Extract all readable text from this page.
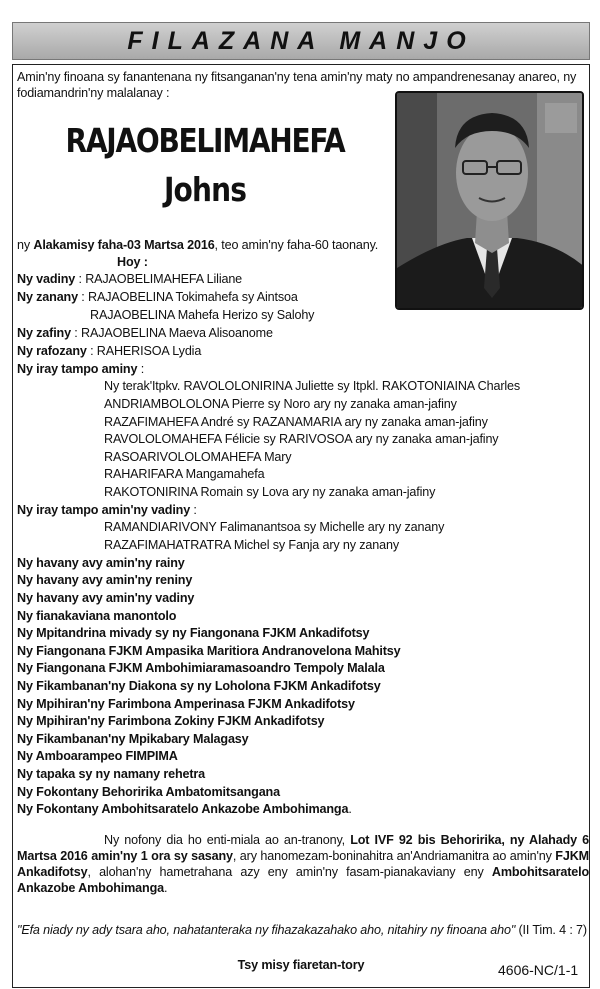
FILAZANA MANJO
Amin'ny finoana sy fanantenana ny fitsanganan'ny tena amin'ny maty no ampandrenesanay anareo, ny fodiamandrin'ny malalanay :
RAJAOBELIMAHEFA
Johns
ny Alakamisy faha-03 Martsa 2016, teo amin'ny faha-60 taonany.
Hoy :
Ny vadiny : RAJAOBELIMAHEFA Liliane
Ny zanany : RAJAOBELINA Tokimahefa sy Aintsoa
RAJAOBELINA Mahefa Herizo sy Salohy
Ny zafiny : RAJAOBELINA Maeva Alisoanome
Ny rafozany : RAHERISOA Lydia
Ny iray tampo aminy :
Ny terak'Itpkv. RAVOLOLONIRINA Juliette sy Itpkl. RAKOTONIAINA Charles
ANDRIAMBOLOLONA Pierre sy Noro ary ny zanaka aman-jafiny
RAZAFIMAHEFA André sy RAZANAMARIA ary ny zanaka aman-jafiny
RAVOLOLOMAHEFA Félicie sy RARIVOSOA ary ny zanaka aman-jafiny
RASOARIVOLOLOMAHEFA Mary
RAHARIFARA Mangamahefa
RAKOTONIRINA Romain sy Lova ary ny zanaka aman-jafiny
Ny iray tampo amin'ny vadiny :
RAMANDIARIVONY Falimanantsoa sy Michelle ary ny zanany
RAZAFIMAHATRATRA Michel sy Fanja ary ny zanany
Ny havany avy amin'ny rainy
Ny havany avy amin'ny reniny
Ny havany avy amin'ny vadiny
Ny fianakaviana manontolo
Ny Mpitandrina mivady sy ny Fiangonana FJKM Ankadifotsy
Ny Fiangonana FJKM Ampasika Maritiora Andranovelona Mahitsy
Ny Fiangonana FJKM Ambohimiaramasoandro Tempoly Malala
Ny Fikambanan'ny Diakona sy ny Loholona FJKM Ankadifotsy
Ny Mpihiran'ny Farimbona Amperinasa FJKM Ankadifotsy
Ny Mpihiran'ny Farimbona Zokiny FJKM Ankadifotsy
Ny Fikambanan'ny Mpikabary Malagasy
Ny Amboarampeo FIMPIMA
Ny tapaka sy ny namany rehetra
Ny Fokontany Behoririka Ambatomitsangana
Ny Fokontany Ambohitsaratelo Ankazobe Ambohimanga.
Ny nofony dia ho enti-miala ao an-tranony, Lot IVF 92 bis Behoririka, ny Alahady 6 Martsa 2016 amin'ny 1 ora sy sasany, ary hanomezam-boninahitra an'Andriamanitra ao amin'ny FJKM Ankadifotsy, alohan'ny hametrahana azy eny amin'ny fasam-pianakaviany eny Ambohitsaratelo Ankazobe Ambohimanga.
"Efa niady ny ady tsara aho, nahatanteraka ny fihazakazahako aho, nitahiry ny finoana aho" (II Tim. 4 : 7)
Tsy misy fiaretan-tory	4606-NC/1-1
